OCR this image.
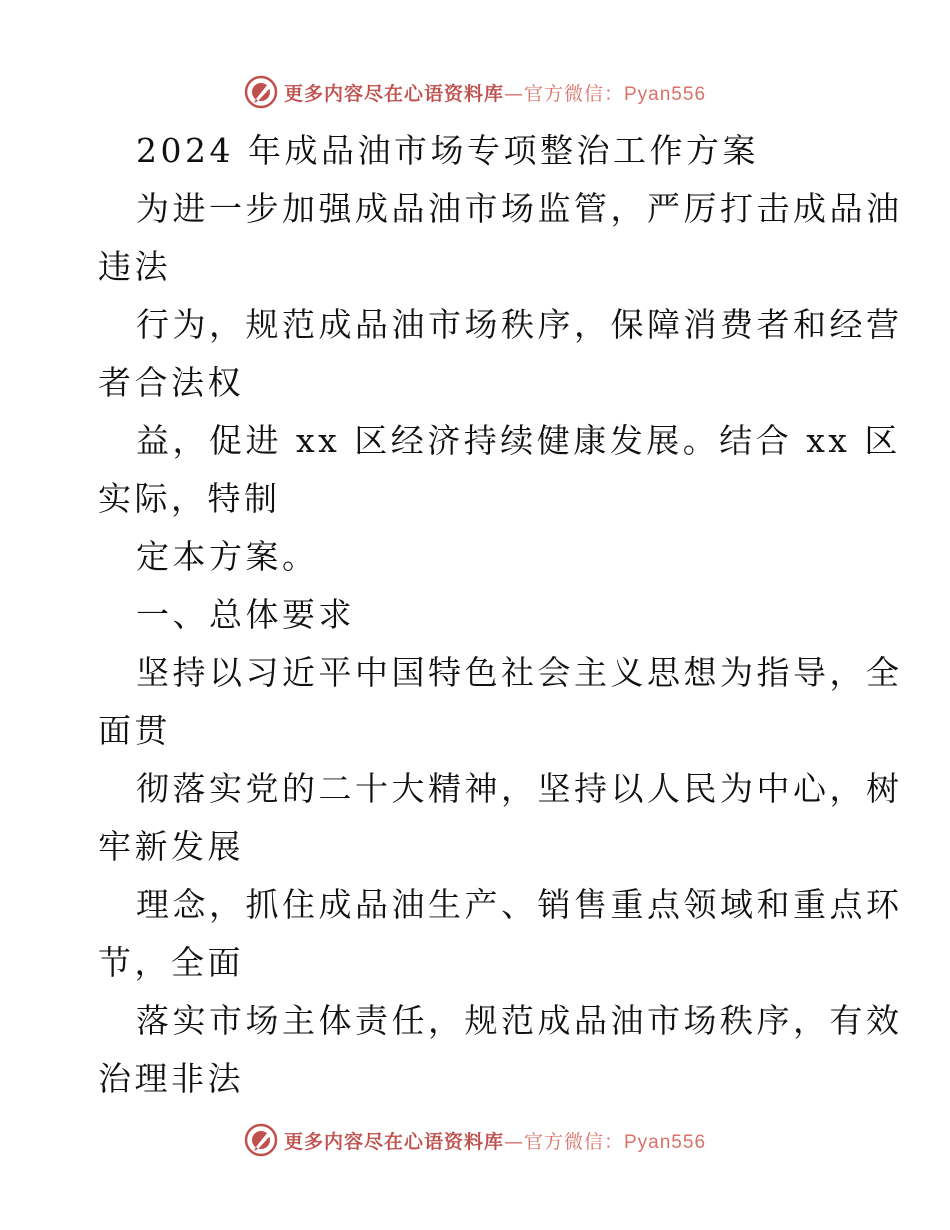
更多内容尽在心语资料库—官方微信：Pyan556
2024 年成品油市场专项整治工作方案
为进一步加强成品油市场监管，严厉打击成品油
违法
行为，规范成品油市场秩序，保障消费者和经营
者合法权
益，促进 xx 区经济持续健康发展。结合 xx 区
实际，特制
定本方案。
一、总体要求
坚持以习近平中国特色社会主义思想为指导，全
面贯
彻落实党的二十大精神，坚持以人民为中心，树
牢新发展
理念，抓住成品油生产、销售重点领域和重点环
节，全面
落实市场主体责任，规范成品油市场秩序，有效
治理非法
更多内容尽在心语资料库—官方微信：Pyan556
